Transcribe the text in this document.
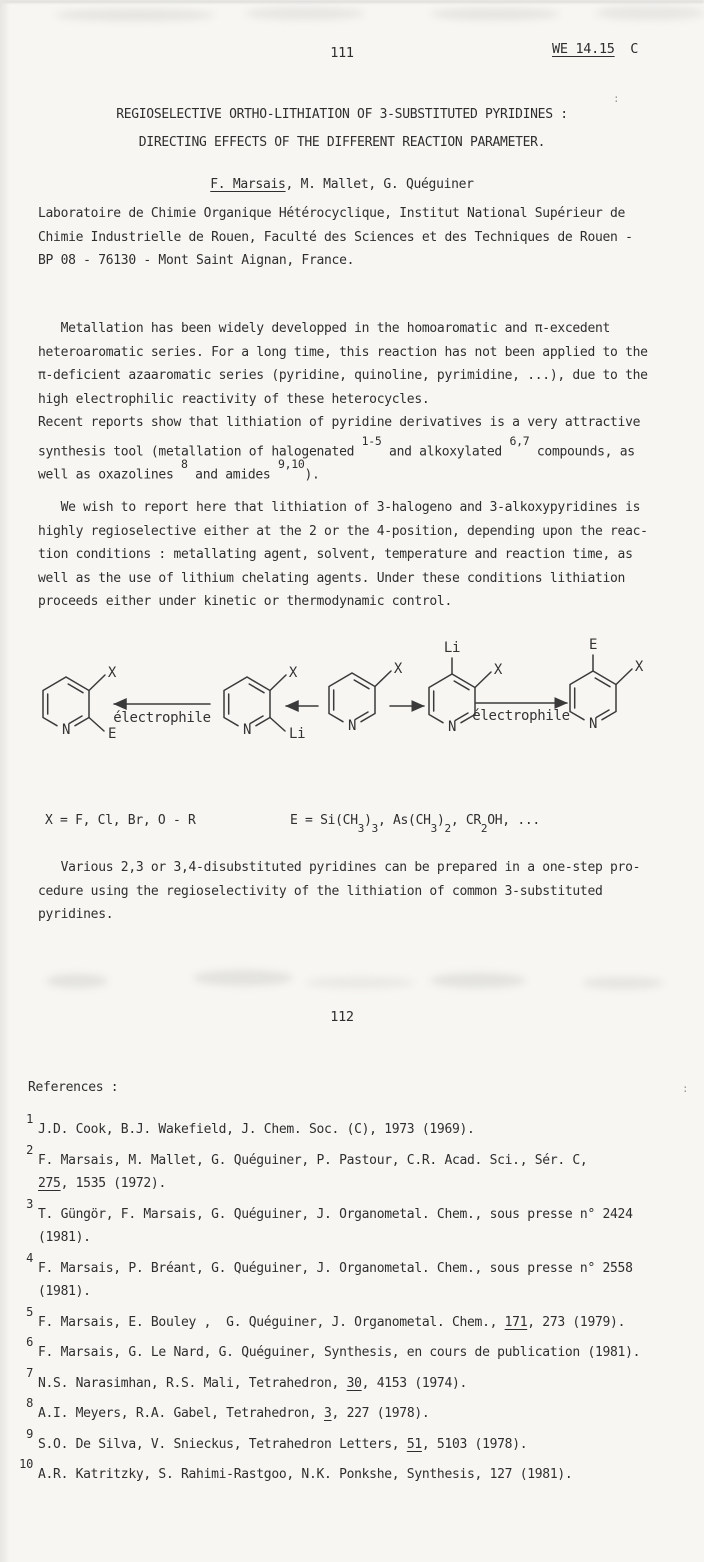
:
:
111	WE 14.15  C
REGIOSELECTIVE ORTHO-LITHIATION OF 3-SUBSTITUTED PYRIDINES :
DIRECTING EFFECTS OF THE DIFFERENT REACTION PARAMETER.
F. Marsais, M. Mallet, G. Quéguiner
Laboratoire de Chimie Organique Hétérocyclique, Institut National Supérieur de
Chimie Industrielle de Rouen, Faculté des Sciences et des Techniques de Rouen -
BP 08 - 76130 - Mont Saint Aignan, France.
Metallation has been widely developped in the homoaromatic and π-excedent
heteroaromatic series. For a long time, this reaction has not been applied to the
π-deficient azaaromatic series (pyridine, quinoline, pyrimidine, ...), due to the
high electrophilic reactivity of these heterocycles.
Recent reports show that lithiation of pyridine derivatives is a very attractive
synthesis tool (metallation of halogenated $^{1-5}$ and alkoxylated $^{6,7}$ compounds, as
well as oxazolines $^8$ and amides $^{9,10}$).
We wish to report here that lithiation of 3-halogeno and 3-alkoxypyridines is
highly regioselective either at the 2 or the 4-position, depending upon the reac-
tion conditions : metallating agent, solvent, temperature and reaction time, as
well as the use of lithium chelating agents. Under these conditions lithiation
proceeds either under kinetic or thermodynamic control.
N
X
E
électrophile
N
X
Li	N
X
N
X
Li
électrophile N
X
E
X = F, Cl, Br, O - R	$E = Si(CH_3)_3$, $As(CH_3)_2$, $CR_2OH$, ...
Various 2,3 or 3,4-disubstituted pyridines can be prepared in a one-step pro-
cedure using the regioselectivity of the lithiation of common 3-substituted
pyridines.
112
References :
1
J.D. Cook, B.J. Wakefield, J. Chem. Soc. (C), 1973 (1969).
2
F. Marsais, M. Mallet, G. Quéguiner, P. Pastour, C.R. Acad. Sci., Sér. C,
275, 1535 (1972).
3
T. Güngör, F. Marsais, G. Quéguiner, J. Organometal. Chem., sous presse n° 2424
(1981).
4
F. Marsais, P. Bréant, G. Quéguiner, J. Organometal. Chem., sous presse n° 2558
(1981).
5
F. Marsais, E. Bouley ,  G. Quéguiner, J. Organometal. Chem., 171, 273 (1979).
6
F. Marsais, G. Le Nard, G. Quéguiner, Synthesis, en cours de publication (1981).
7
N.S. Narasimhan, R.S. Mali, Tetrahedron, 30, 4153 (1974).
8
A.I. Meyers, R.A. Gabel, Tetrahedron, 3, 227 (1978).
9
S.O. De Silva, V. Snieckus, Tetrahedron Letters, 51, 5103 (1978).
10
A.R. Katritzky, S. Rahimi-Rastgoo, N.K. Ponkshe, Synthesis, 127 (1981).
